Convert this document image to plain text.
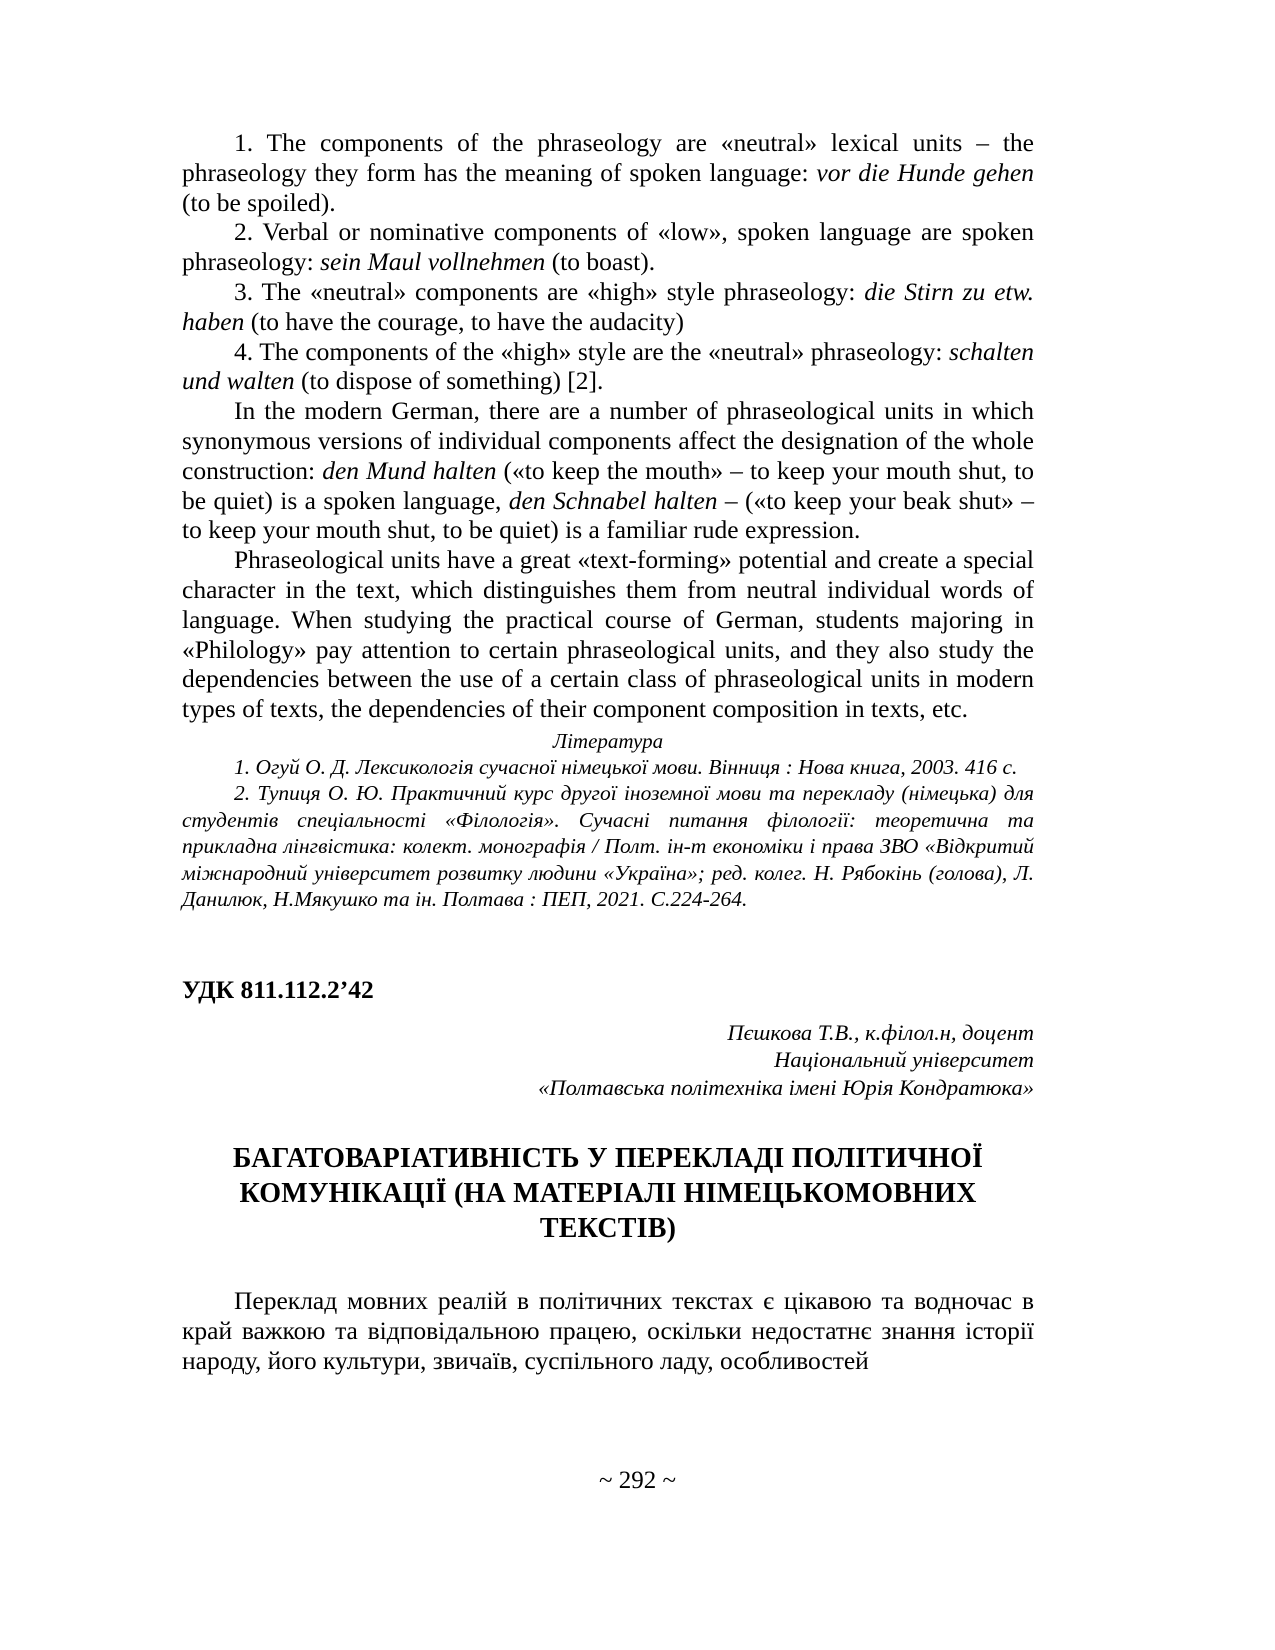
1. The components of the phraseology are «neutral» lexical units – the phraseology they form has the meaning of spoken language: vor die Hunde gehen (to be spoiled).

2. Verbal or nominative components of «low», spoken language are spoken phraseology: sein Maul vollnehmen (to boast).

3. The «neutral» components are «high» style phraseology: die Stirn zu etw. haben (to have the courage, to have the audacity)

4. The components of the «high» style are the «neutral» phraseology: schalten und walten (to dispose of something) [2].

In the modern German, there are a number of phraseological units in which synonymous versions of individual components affect the designation of the whole construction: den Mund halten («to keep the mouth» – to keep your mouth shut, to be quiet) is a spoken language, den Schnabel halten – («to keep your beak shut» – to keep your mouth shut, to be quiet) is a familiar rude expression.

Phraseological units have a great «text-forming» potential and create a special character in the text, which distinguishes them from neutral individual words of language. When studying the practical course of German, students majoring in «Philology» pay attention to certain phraseological units, and they also study the dependencies between the use of a certain class of phraseological units in modern types of texts, the dependencies of their component composition in texts, etc.

Література

1. Огуй О. Д. Лексикологія сучасної німецької мови. Вінниця : Нова книга, 2003. 416 с.

2. Тупиця О. Ю. Практичний курс другої іноземної мови та перекладу (німецька) для студентів спеціальності «Філологія». Сучасні питання філології: теоретична та прикладна лінгвістика: колект. монографія / Полт. ін-т економіки і права ЗВО «Відкритий міжнародний університет розвитку людини «Україна»; ред. колег. Н. Рябокінь (голова), Л. Данилюк, Н.Мякушко та ін. Полтава : ПЕП, 2021. С.224-264.

УДК 811.112.2’42

Пєшкова Т.В., к.філол.н, доцент
Національний університет
«Полтавська політехніка імені Юрія Кондратюка»
БАГАТОВАРІАТИВНІСТЬ У ПЕРЕКЛАДІ ПОЛІТИЧНОЇ
КОМУНІКАЦІЇ (НА МАТЕРІАЛІ НІМЕЦЬКОМОВНИХ
ТЕКСТІВ)

Переклад мовних реалій в політичних текстах є цікавою та водночас в край важкою та відповідальною працею, оскільки недостатнє знання історії народу, його культури, звичаїв, суспільного ладу, особливостей

~ 292 ~
